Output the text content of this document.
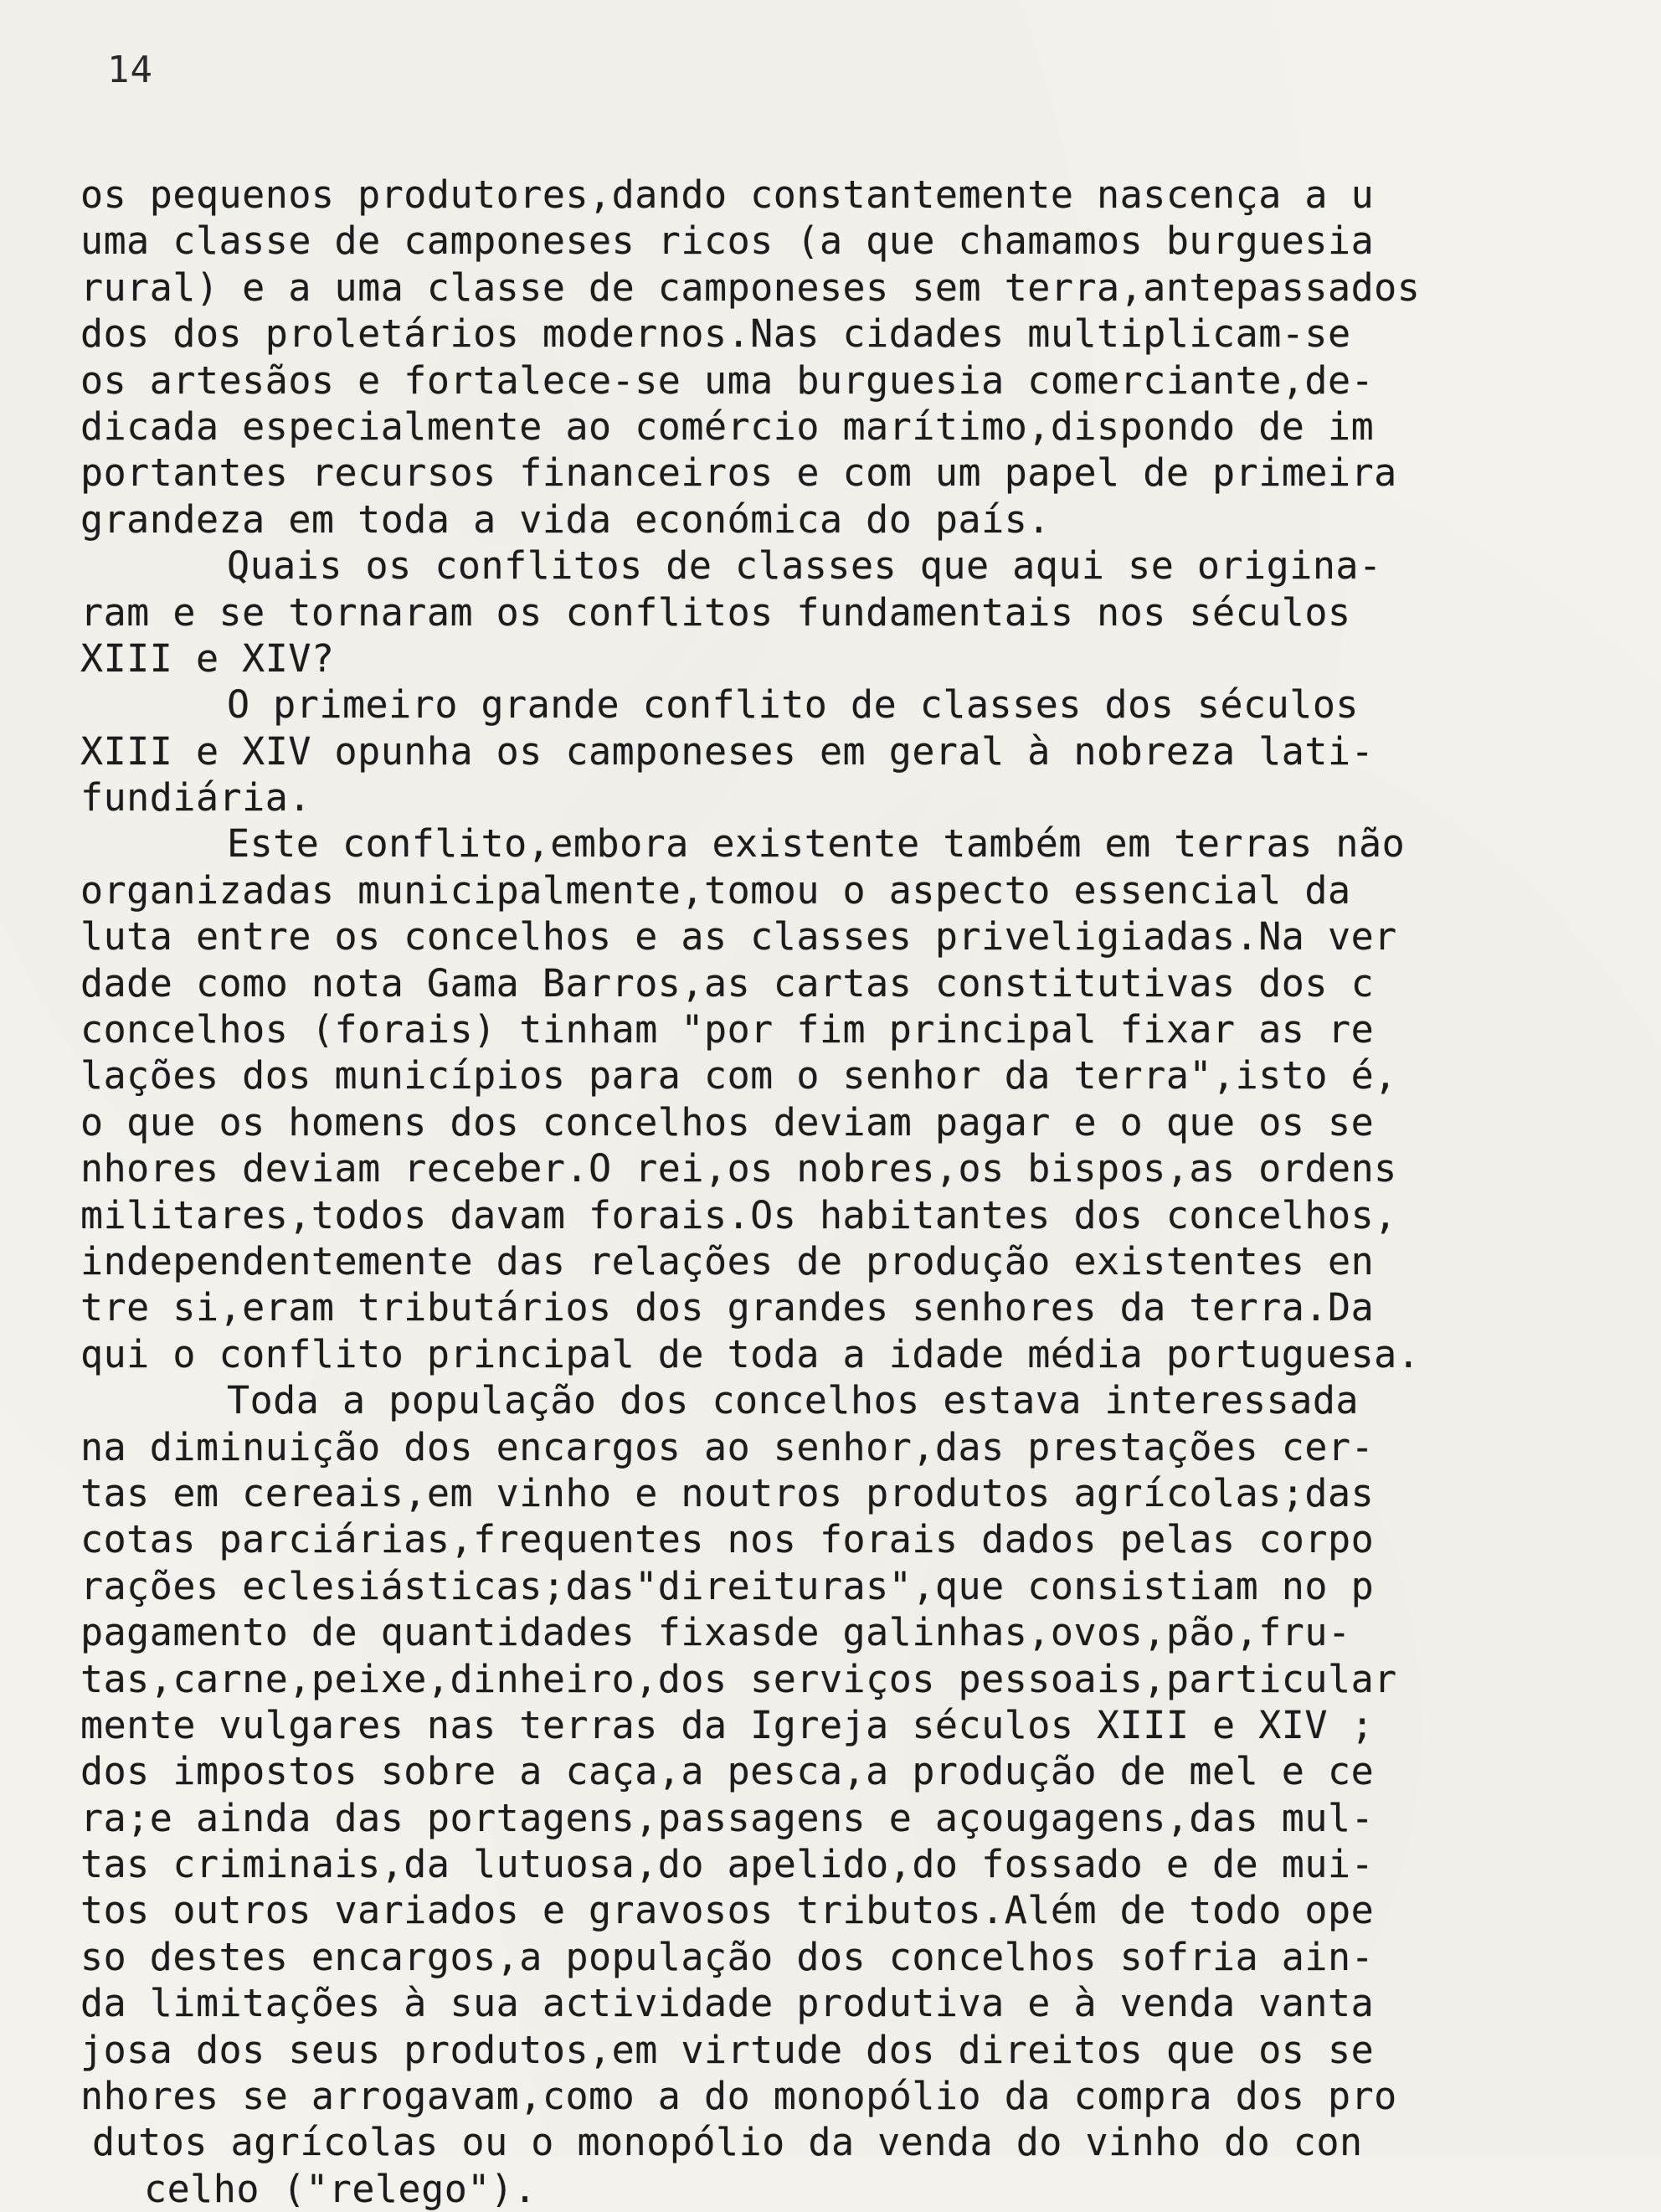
14
os pequenos produtores,dando constantemente nascença a u
uma classe de camponeses ricos (a que chamamos burguesia
rural) e a uma classe de camponeses sem terra,antepassados
dos dos proletários modernos.Nas cidades multiplicam-se
os artesãos e fortalece-se uma burguesia comerciante,de-
dicada especialmente ao comércio marítimo,dispondo de im
portantes recursos financeiros e com um papel de primeira
grandeza em toda a vida económica do país.
Quais os conflitos de classes que aqui se origina-
ram e se tornaram os conflitos fundamentais nos séculos
XIII e XIV?
O primeiro grande conflito de classes dos séculos
XIII e XIV opunha os camponeses em geral à nobreza lati-
fundiária.
Este conflito,embora existente também em terras não
organizadas municipalmente,tomou o aspecto essencial da
luta entre os concelhos e as classes priveligiadas.Na ver
dade como nota Gama Barros,as cartas constitutivas dos c
concelhos (forais) tinham "por fim principal fixar as re
lações dos municípios para com o senhor da terra",isto é,
o que os homens dos concelhos deviam pagar e o que os se
nhores deviam receber.O rei,os nobres,os bispos,as ordens
militares,todos davam forais.Os habitantes dos concelhos,
independentemente das relações de produção existentes en
tre si,eram tributários dos grandes senhores da terra.Da
qui o conflito principal de toda a idade média portuguesa.
Toda a população dos concelhos estava interessada
na diminuição dos encargos ao senhor,das prestações cer-
tas em cereais,em vinho e noutros produtos agrícolas;das
cotas parciárias,frequentes nos forais dados pelas corpo
rações eclesiásticas;das"direituras",que consistiam no p
pagamento de quantidades fixasde galinhas,ovos,pão,fru-
tas,carne,peixe,dinheiro,dos serviços pessoais,particular
mente vulgares nas terras da Igreja séculos XIII e XIV ;
dos impostos sobre a caça,a pesca,a produção de mel e ce
ra;e ainda das portagens,passagens e açougagens,das mul-
tas criminais,da lutuosa,do apelido,do fossado e de mui-
tos outros variados e gravosos tributos.Além de todo ope
so destes encargos,a população dos concelhos sofria ain-
da limitações à sua actividade produtiva e à venda vanta
josa dos seus produtos,em virtude dos direitos que os se
nhores se arrogavam,como a do monopólio da compra dos pro
dutos agrícolas ou o monopólio da venda do vinho do con
celho ("relego").
